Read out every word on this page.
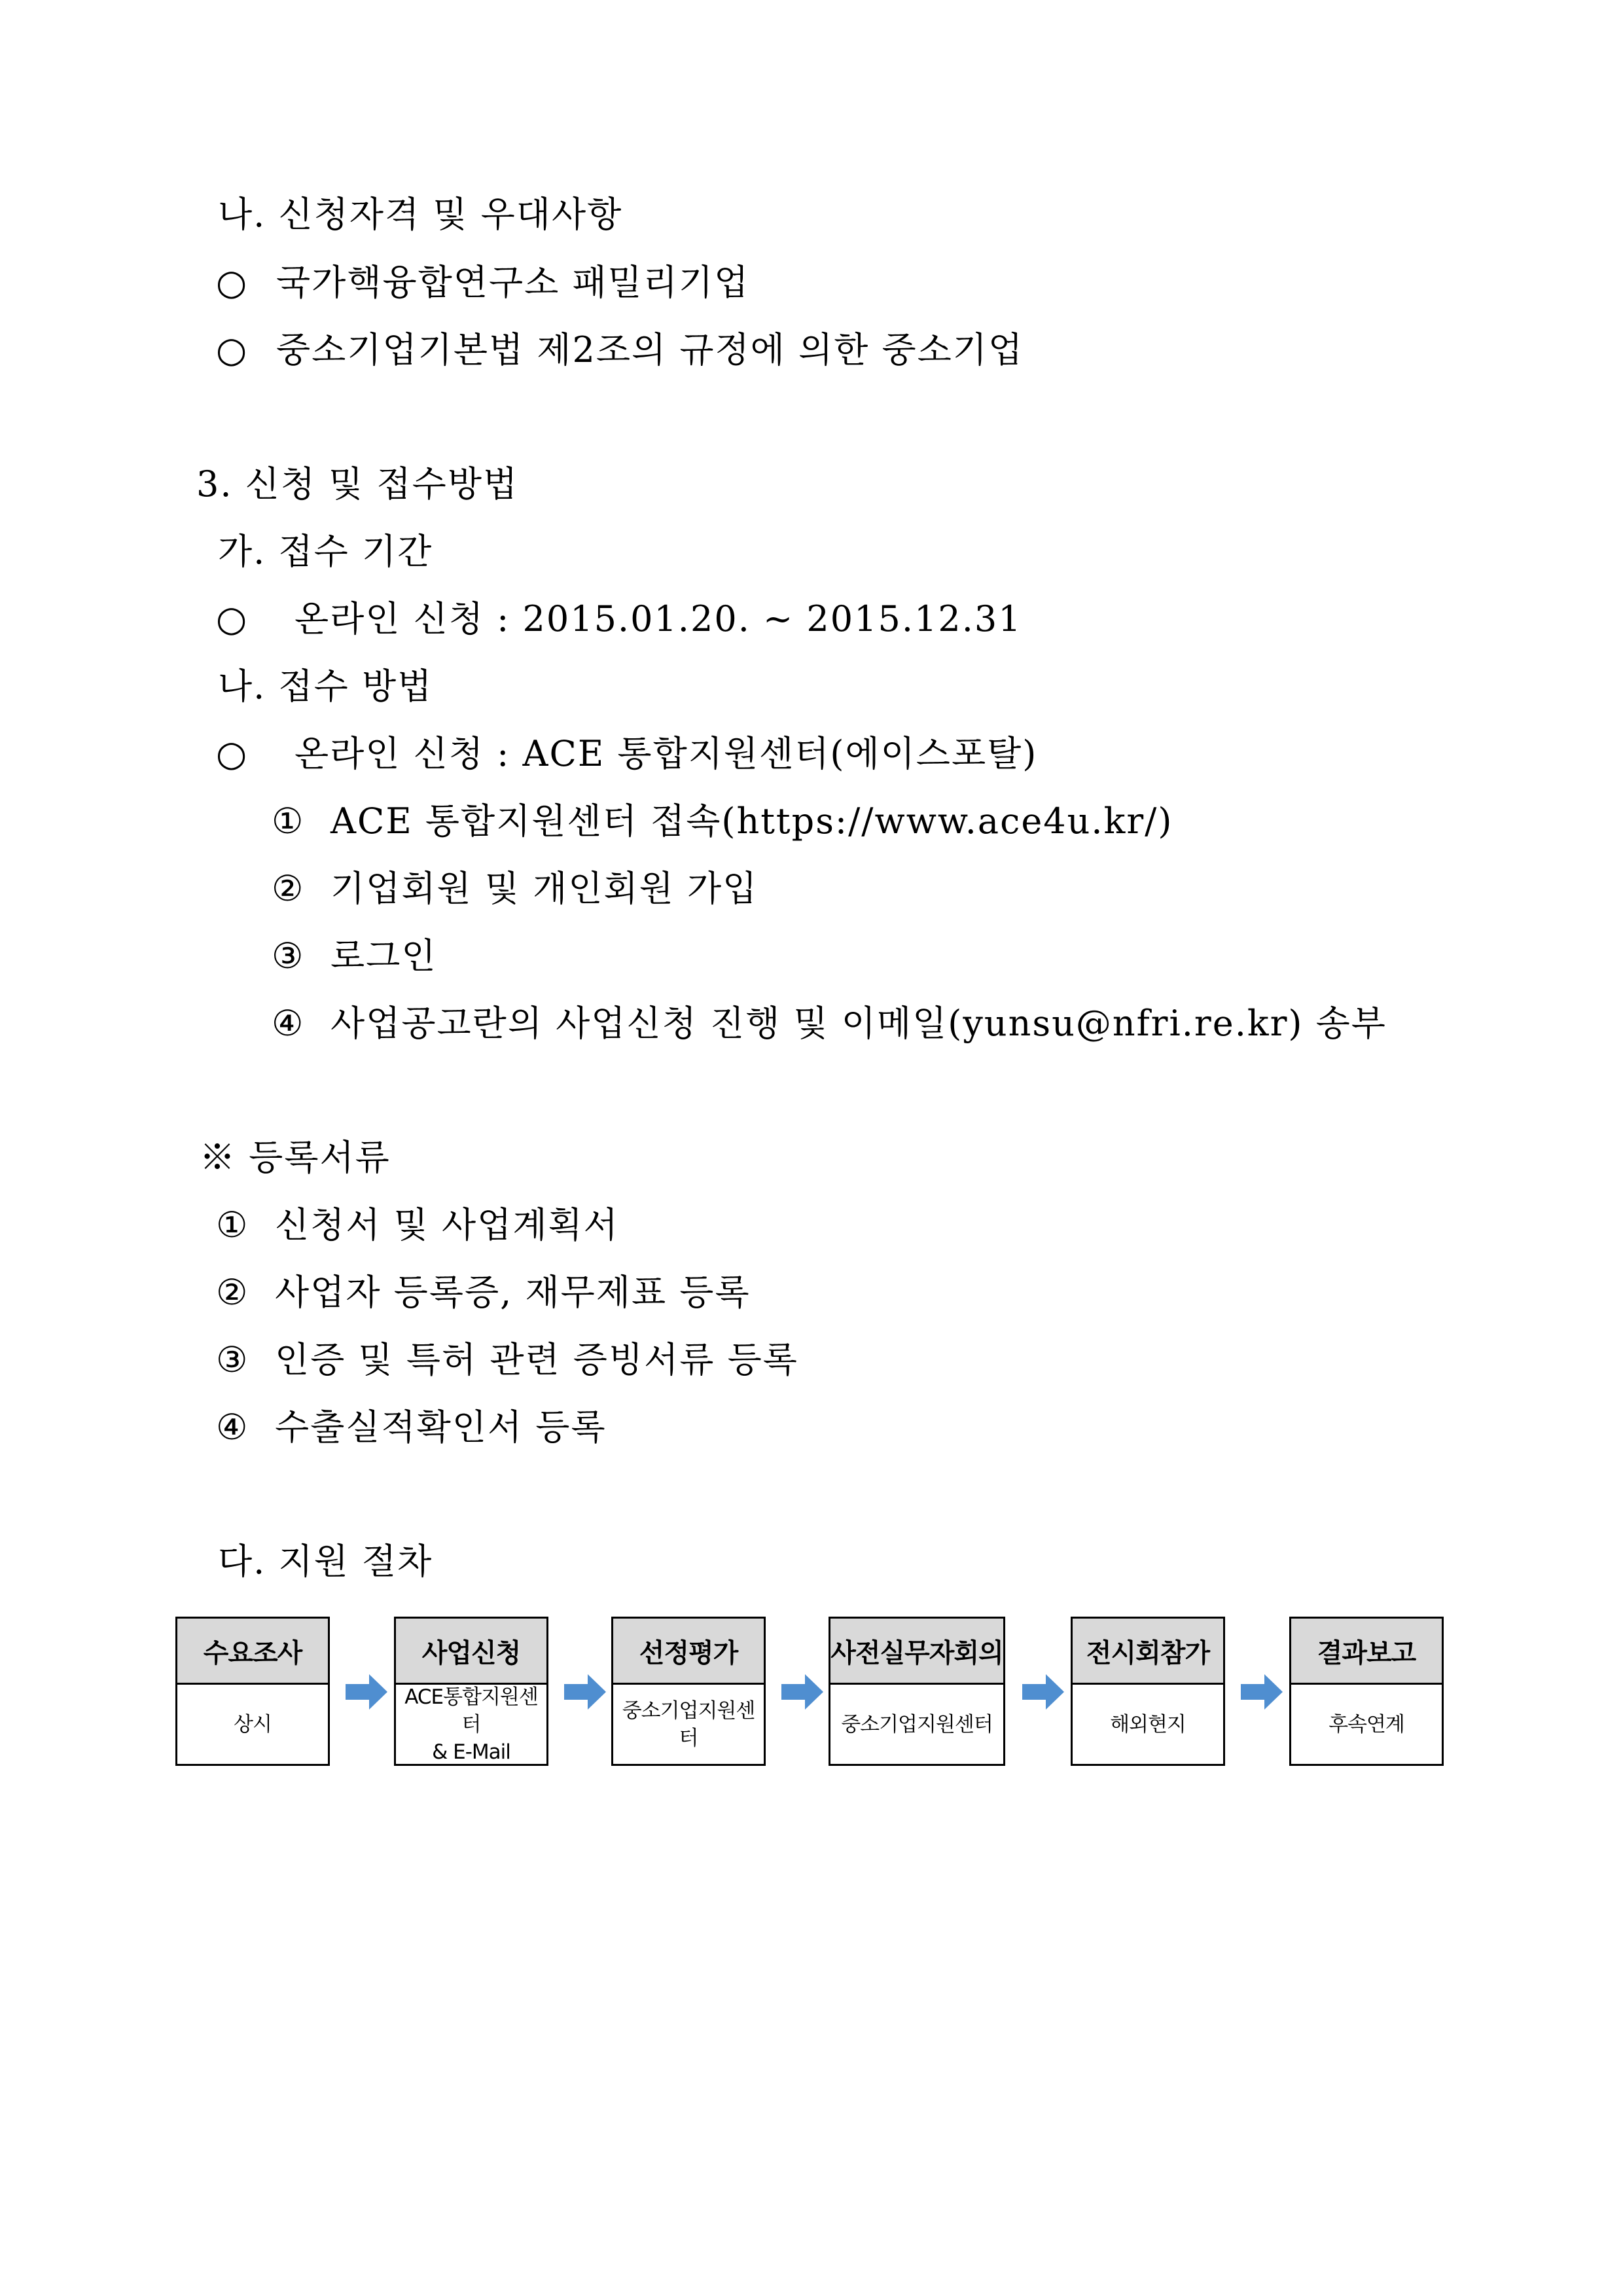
나. 신청자격 및 우대사항
○ 국가핵융합연구소 패밀리기업
○ 중소기업기본법 제2조의 규정에 의한 중소기업
3. 신청 및 접수방법
가. 접수 기간
○ 온라인 신청 : 2015.01.20. ~ 2015.12.31
나. 접수 방법
○ 온라인 신청 : ACE 통합지원센터(에이스포탈)
① ACE 통합지원센터 접속(https://www.ace4u.kr/)
② 기업회원 및 개인회원 가입
③ 로그인
④ 사업공고란의 사업신청 진행 및 이메일(yunsu@nfri.re.kr) 송부
※ 등록서류
① 신청서 및 사업계획서
② 사업자 등록증, 재무제표 등록
③ 인증 및 특허 관련 증빙서류 등록
④ 수출실적확인서 등록
다. 지원 절차
수요조사
상시
사업신청
ACE통합지원센터
& E-Mail
선정평가
중소기업지원센터
사전실무자회의
중소기업지원센터
전시회참가
해외현지
결과보고
후속연계
